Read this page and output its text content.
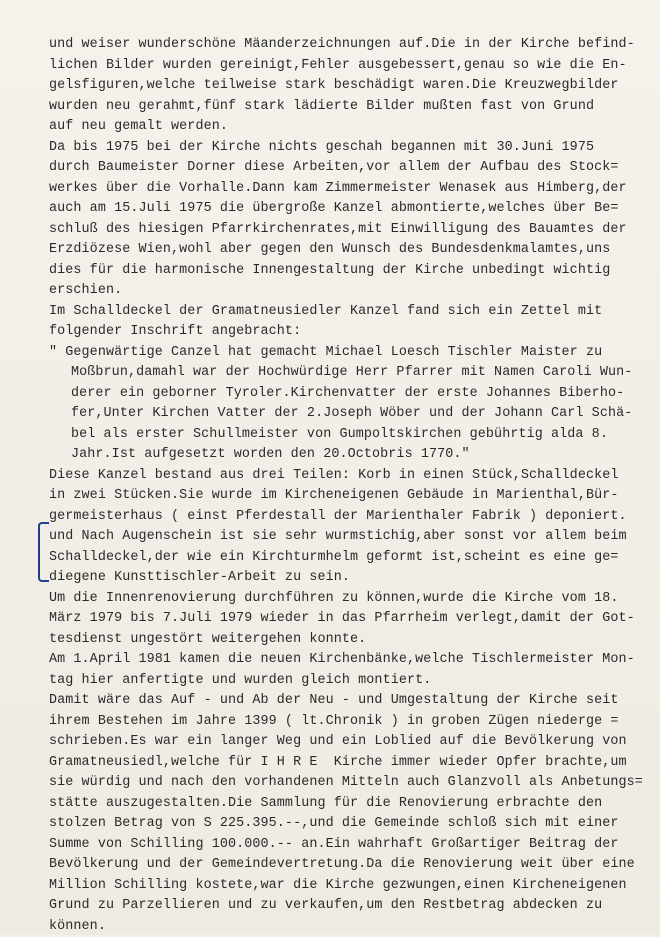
und weiser wunderschöne Mäanderzeichnungen auf.Die in der Kirche befind-
lichen Bilder wurden gereinigt,Fehler ausgebessert,genau so wie die En-
gelsfiguren,welche teilweise stark beschädigt waren.Die Kreuzwegbilder
wurden neu gerahmt,fünf stark lädierte Bilder mußten fast von Grund
auf neu gemalt werden.
Da bis 1975 bei der Kirche nichts geschah begannen mit 30.Juni 1975
durch Baumeister Dorner diese Arbeiten,vor allem der Aufbau des Stock=
werkes über die Vorhalle.Dann kam Zimmermeister Wenasek aus Himberg,der
auch am 15.Juli 1975 die übergroße Kanzel abmontierte,welches über Be=
schluß des hiesigen Pfarrkirchenrates,mit Einwilligung des Bauamtes der
Erzdiözese Wien,wohl aber gegen den Wunsch des Bundesdenkmalamtes,uns
dies für die harmonische Innengestaltung der Kirche unbedingt wichtig
erschien.
Im Schalldeckel der Gramatneusiedler Kanzel fand sich ein Zettel mit
folgender Inschrift angebracht:
" Gegenwärtige Canzel hat gemacht Michael Loesch Tischler Maister zu
Moßbrun,damahl war der Hochwürdige Herr Pfarrer mit Namen Caroli Wun-
derer ein geborner Tyroler.Kirchenvatter der erste Johannes Biberho-
fer,Unter Kirchen Vatter der 2.Joseph Wöber und der Johann Carl Schä-
bel als erster Schullmeister von Gumpoltskirchen gebührtig alda 8.
Jahr.Ist aufgesetzt worden den 20.Octobris 1770."
Diese Kanzel bestand aus drei Teilen: Korb in einen Stück,Schalldeckel
in zwei Stücken.Sie wurde im Kircheneigenen Gebäude in Marienthal,Bür-
germeisterhaus ( einst Pferdestall der Marienthaler Fabrik ) deponiert.
und Nach Augenschein ist sie sehr wurmstichig,aber sonst vor allem beim
Schalldeckel,der wie ein Kirchturmhelm geformt ist,scheint es eine ge=
diegene Kunsttischler-Arbeit zu sein.
Um die Innenrenovierung durchführen zu können,wurde die Kirche vom 18.
März 1979 bis 7.Juli 1979 wieder in das Pfarrheim verlegt,damit der Got-
tesdienst ungestört weitergehen konnte.
Am 1.April 1981 kamen die neuen Kirchenbänke,welche Tischlermeister Mon-
tag hier anfertigte und wurden gleich montiert.
Damit wäre das Auf - und Ab der Neu - und Umgestaltung der Kirche seit
ihrem Bestehen im Jahre 1399 ( lt.Chronik ) in groben Zügen niederge =
schrieben.Es war ein langer Weg und ein Loblied auf die Bevölkerung von
Gramatneusiedl,welche für I H R E  Kirche immer wieder Opfer brachte,um
sie würdig und nach den vorhandenen Mitteln auch Glanzvoll als Anbetungs=
stätte auszugestalten.Die Sammlung für die Renovierung erbrachte den
stolzen Betrag von S 225.395.--,und die Gemeinde schloß sich mit einer
Summe von Schilling 100.000.-- an.Ein wahrhaft Großartiger Beitrag der
Bevölkerung und der Gemeindevertretung.Da die Renovierung weit über eine
Million Schilling kostete,war die Kirche gezwungen,einen Kircheneigenen
Grund zu Parzellieren und zu verkaufen,um den Restbetrag abdecken zu
können.
